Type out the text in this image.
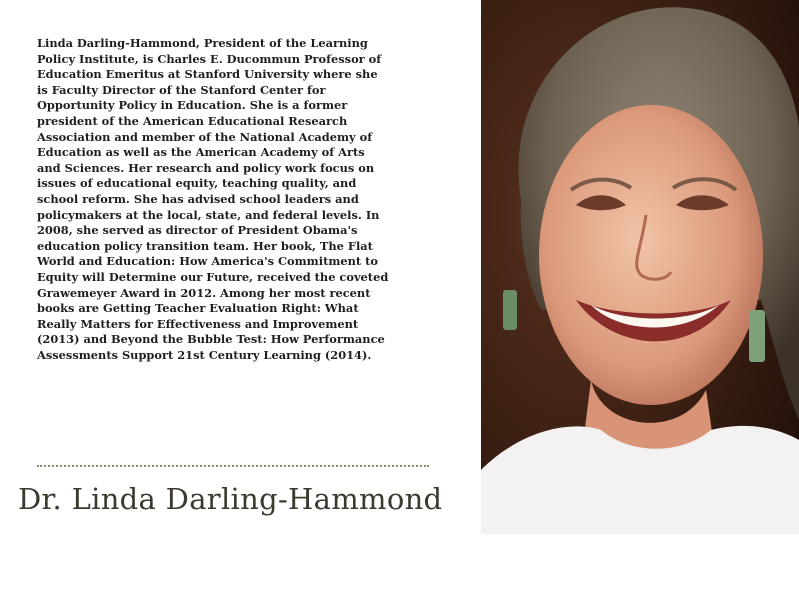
Linda Darling-Hammond, President of the Learning
Policy Institute, is Charles E. Ducommun Professor of
Education Emeritus at Stanford University where she
is Faculty Director of the Stanford Center for
Opportunity Policy in Education. She is a former
president of the American Educational Research
Association and member of the National Academy of
Education as well as the American Academy of Arts
and Sciences. Her research and policy work focus on
issues of educational equity, teaching quality, and
school reform. She has advised school leaders and
policymakers at the local, state, and federal levels. In
2008, she served as director of President Obama's
education policy transition team. Her book, The Flat
World and Education: How America's Commitment to
Equity will Determine our Future, received the coveted
Grawemeyer Award in 2012. Among her most recent
books are Getting Teacher Evaluation Right: What
Really Matters for Effectiveness and Improvement
(2013) and Beyond the Bubble Test: How Performance
Assessments Support 21st Century Learning (2014).

Dr. Linda Darling-Hammond
